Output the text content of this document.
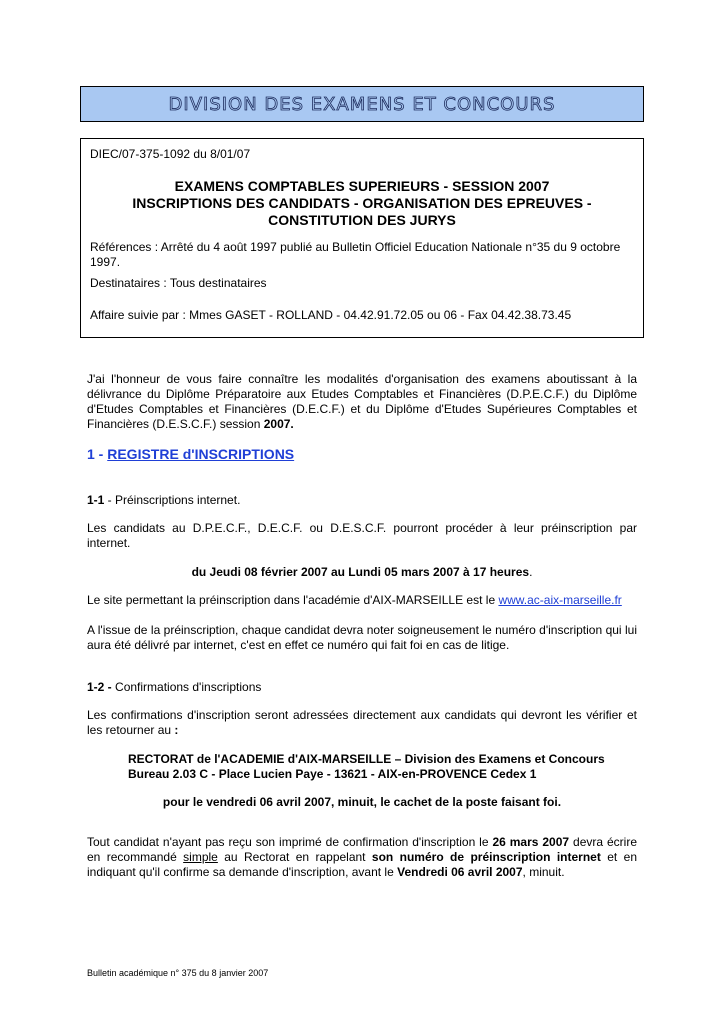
DIVISION DES EXAMENS ET CONCOURS
DIEC/07-375-1092 du 8/01/07
EXAMENS COMPTABLES SUPERIEURS - SESSION 2007
INSCRIPTIONS DES CANDIDATS - ORGANISATION DES EPREUVES -
CONSTITUTION DES JURYS
Références : Arrêté du 4 août 1997 publié au Bulletin Officiel Education Nationale n°35 du 9 octobre 1997.
Destinataires : Tous destinataires
Affaire suivie par : Mmes GASET - ROLLAND - 04.42.91.72.05 ou 06 - Fax 04.42.38.73.45
J'ai l'honneur de vous faire connaître les modalités d'organisation des examens aboutissant à la délivrance du Diplôme Préparatoire aux Etudes Comptables et Financières (D.P.E.C.F.) du Diplôme d'Etudes Comptables et Financières (D.E.C.F.) et du Diplôme d'Etudes Supérieures Comptables et Financières (D.E.S.C.F.) session 2007.
1 - REGISTRE d'INSCRIPTIONS
1-1 - Préinscriptions internet.
Les candidats au D.P.E.C.F., D.E.C.F. ou D.E.S.C.F. pourront procéder à leur préinscription par internet.
du Jeudi 08 février 2007 au Lundi 05 mars 2007 à 17 heures.
Le site permettant la préinscription dans l'académie d'AIX-MARSEILLE est le www.ac-aix-marseille.fr
A l'issue de la préinscription, chaque candidat devra noter soigneusement le numéro d'inscription qui lui aura été délivré par internet, c'est en effet ce numéro qui fait foi en cas de litige.
1-2 - Confirmations d'inscriptions
Les confirmations d'inscription seront adressées directement aux candidats qui devront les vérifier et les retourner au :
RECTORAT de l'ACADEMIE d'AIX-MARSEILLE – Division des Examens et Concours
Bureau 2.03 C - Place Lucien Paye - 13621 - AIX-en-PROVENCE Cedex 1
pour le vendredi 06 avril 2007, minuit, le cachet de la poste faisant foi.
Tout candidat n'ayant pas reçu son imprimé de confirmation d'inscription le 26 mars 2007 devra écrire en recommandé simple au Rectorat en rappelant son numéro de préinscription internet et en indiquant qu'il confirme sa demande d'inscription, avant le Vendredi 06 avril 2007, minuit.
Bulletin académique n° 375 du 8 janvier 2007
